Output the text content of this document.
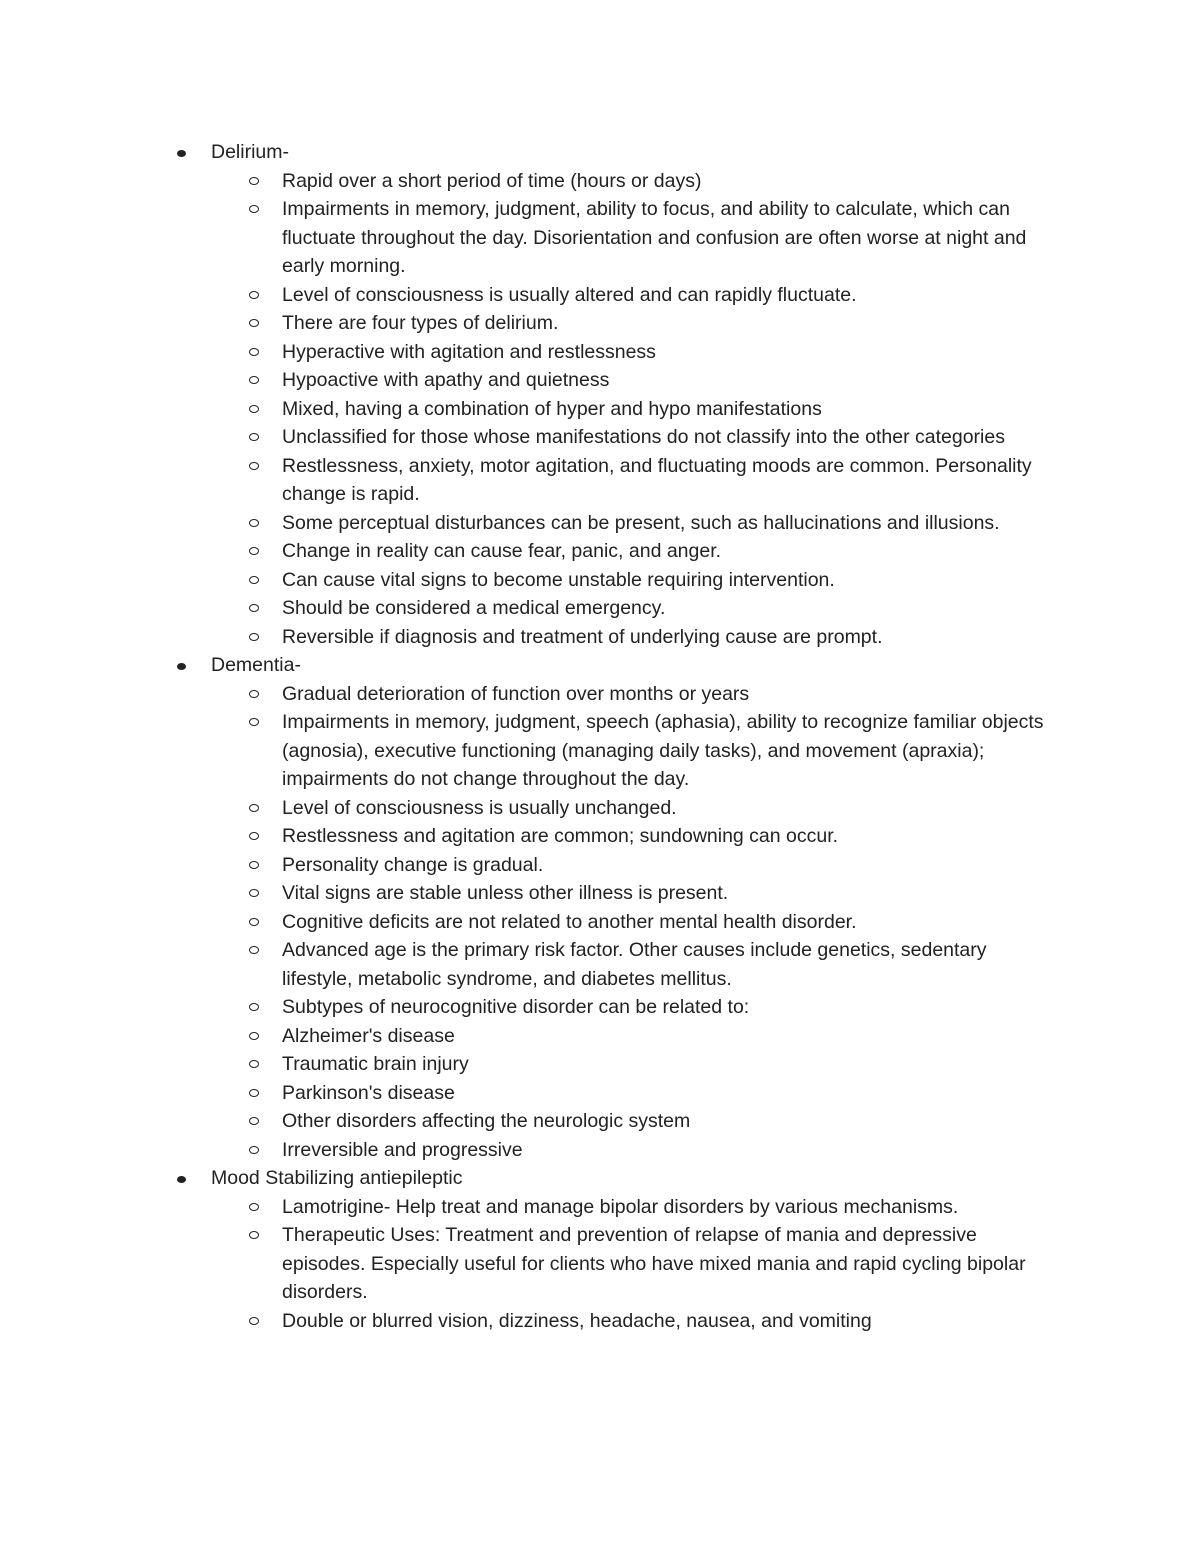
Delirium-

Rapid over a short period of time (hours or days)

Impairments in memory, judgment, ability to focus, and ability to calculate, which can fluctuate throughout the day. Disorientation and confusion are often worse at night and early morning.

Level of consciousness is usually altered and can rapidly fluctuate.

There are four types of delirium.

Hyperactive with agitation and restlessness

Hypoactive with apathy and quietness

Mixed, having a combination of hyper and hypo manifestations

Unclassified for those whose manifestations do not classify into the other categories

Restlessness, anxiety, motor agitation, and fluctuating moods are common. Personality change is rapid.

Some perceptual disturbances can be present, such as hallucinations and illusions.

Change in reality can cause fear, panic, and anger.

Can cause vital signs to become unstable requiring intervention.

Should be considered a medical emergency.

Reversible if diagnosis and treatment of underlying cause are prompt.

Dementia-

Gradual deterioration of function over months or years

Impairments in memory, judgment, speech (aphasia), ability to recognize familiar objects (agnosia), executive functioning (managing daily tasks), and movement (apraxia); impairments do not change throughout the day.

Level of consciousness is usually unchanged.

Restlessness and agitation are common; sundowning can occur.

Personality change is gradual.

Vital signs are stable unless other illness is present.

Cognitive deficits are not related to another mental health disorder.

Advanced age is the primary risk factor. Other causes include genetics, sedentary lifestyle, metabolic syndrome, and diabetes mellitus.

Subtypes of neurocognitive disorder can be related to:

Alzheimer's disease

Traumatic brain injury

Parkinson's disease

Other disorders affecting the neurologic system

Irreversible and progressive

Mood Stabilizing antiepileptic

Lamotrigine- Help treat and manage bipolar disorders by various mechanisms.

Therapeutic Uses: Treatment and prevention of relapse of mania and depressive episodes. Especially useful for clients who have mixed mania and rapid cycling bipolar disorders.

Double or blurred vision, dizziness, headache, nausea, and vomiting
